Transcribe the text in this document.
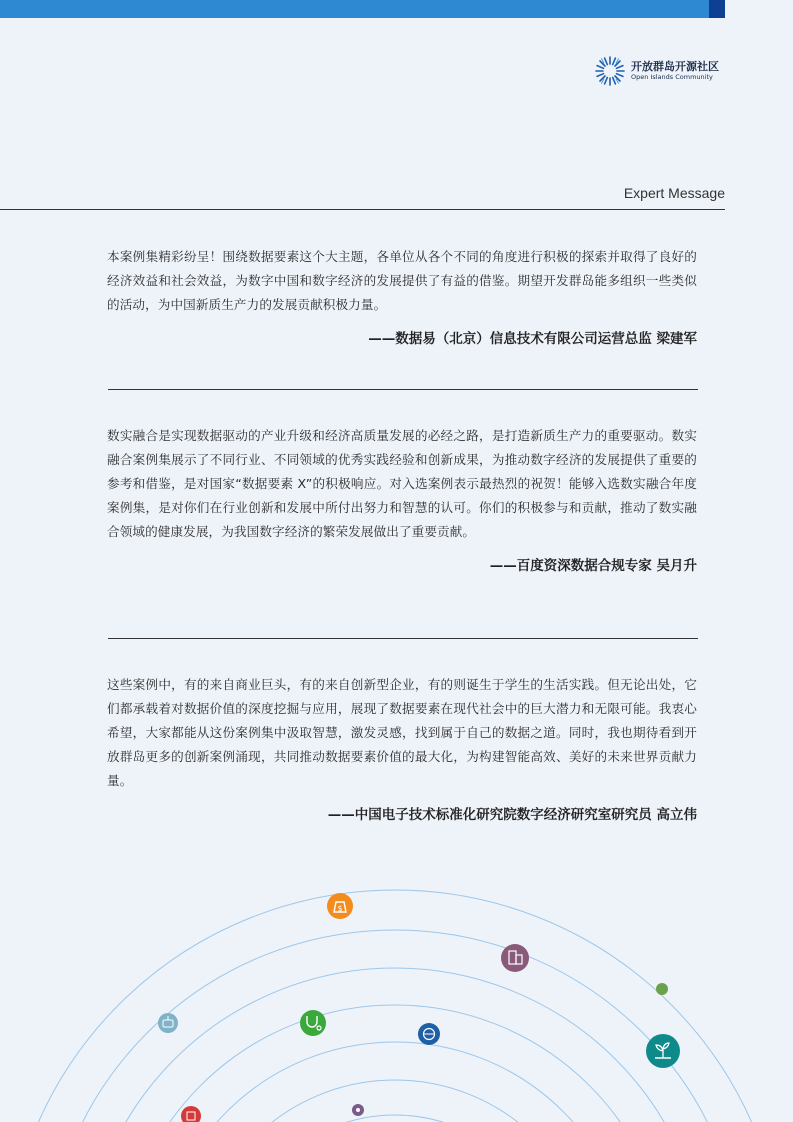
开放群岛开源社区
Open Islands Community
Expert Message

本案例集精彩纷呈！围绕数据要素这个大主题，各单位从各个不同的角度进行积极的探索并取得了良好的经济效益和社会效益，为数字中国和数字经济的发展提供了有益的借鉴。期望开发群岛能多组织一些类似的活动，为中国新质生产力的发展贡献积极力量。

——数据易（北京）信息技术有限公司运营总监 梁建军

数实融合是实现数据驱动的产业升级和经济高质量发展的必经之路，是打造新质生产力的重要驱动。数实融合案例集展示了不同行业、不同领域的优秀实践经验和创新成果，为推动数字经济的发展提供了重要的参考和借鉴，是对国家“数据要素 X”的积极响应。对入选案例表示最热烈的祝贺！能够入选数实融合年度案例集，是对你们在行业创新和发展中所付出努力和智慧的认可。你们的积极参与和贡献，推动了数实融合领域的健康发展，为我国数字经济的繁荣发展做出了重要贡献。

——百度资深数据合规专家 吴月升

这些案例中，有的来自商业巨头，有的来自创新型企业，有的则诞生于学生的生活实践。但无论出处，它们都承载着对数据价值的深度挖掘与应用，展现了数据要素在现代社会中的巨大潜力和无限可能。我衷心希望，大家都能从这份案例集中汲取智慧，激发灵感，找到属于自己的数据之道。同时，我也期待看到开放群岛更多的创新案例涌现，共同推动数据要素价值的最大化，为构建智能高效、美好的未来世界贡献力量。

——中国电子技术标准化研究院数字经济研究室研究员 高立伟
$
